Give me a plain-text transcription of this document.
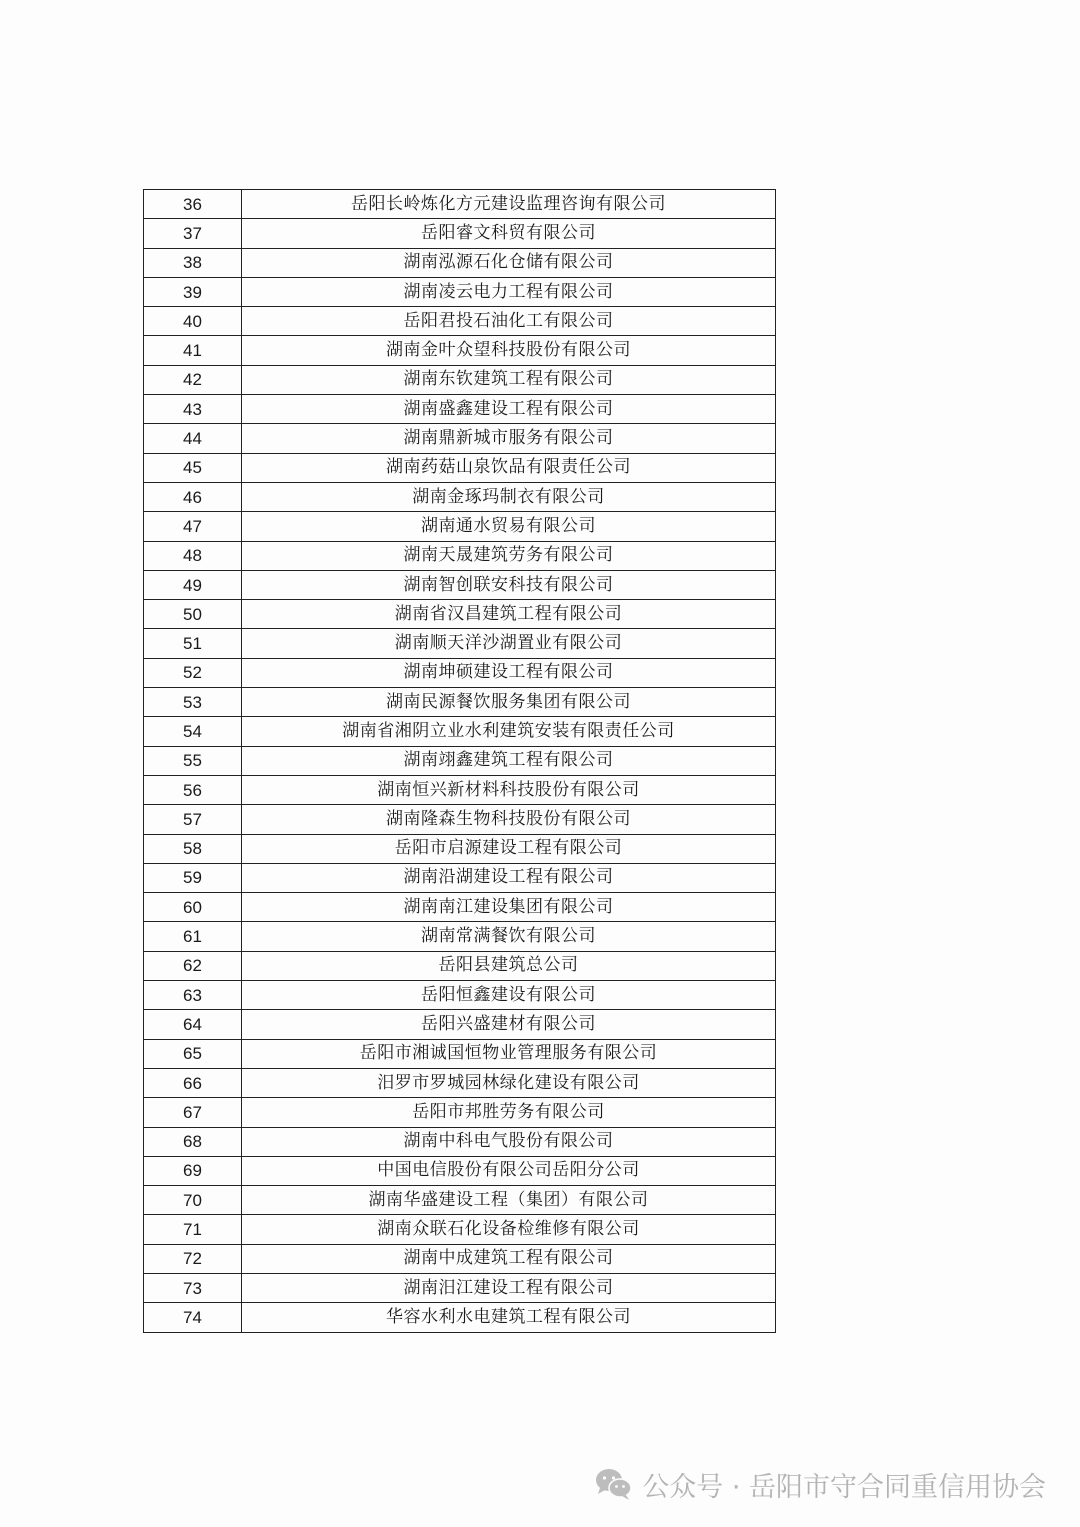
36	岳阳长岭炼化方元建设监理咨询有限公司
37	岳阳睿文科贸有限公司
38	湖南泓源石化仓储有限公司
39	湖南凌云电力工程有限公司
40	岳阳君投石油化工有限公司
41	湖南金叶众望科技股份有限公司
42	湖南东钦建筑工程有限公司
43	湖南盛鑫建设工程有限公司
44	湖南鼎新城市服务有限公司
45	湖南药菇山泉饮品有限责任公司
46	湖南金琢玛制衣有限公司
47	湖南通水贸易有限公司
48	湖南天晟建筑劳务有限公司
49	湖南智创联安科技有限公司
50	湖南省汉昌建筑工程有限公司
51	湖南顺天洋沙湖置业有限公司
52	湖南坤硕建设工程有限公司
53	湖南民源餐饮服务集团有限公司
54	湖南省湘阴立业水利建筑安装有限责任公司
55	湖南翊鑫建筑工程有限公司
56	湖南恒兴新材料科技股份有限公司
57	湖南隆森生物科技股份有限公司
58	岳阳市启源建设工程有限公司
59	湖南沿湖建设工程有限公司
60	湖南南江建设集团有限公司
61	湖南常满餐饮有限公司
62	岳阳县建筑总公司
63	岳阳恒鑫建设有限公司
64	岳阳兴盛建材有限公司
65	岳阳市湘诚国恒物业管理服务有限公司
66	汨罗市罗城园林绿化建设有限公司
67	岳阳市邦胜劳务有限公司
68	湖南中科电气股份有限公司
69	中国电信股份有限公司岳阳分公司
70	湖南华盛建设工程（集团）有限公司
71	湖南众联石化设备检维修有限公司
72	湖南中成建筑工程有限公司
73	湖南汨江建设工程有限公司
74	华容水利水电建筑工程有限公司
公众号 · 岳阳市守合同重信用协会
